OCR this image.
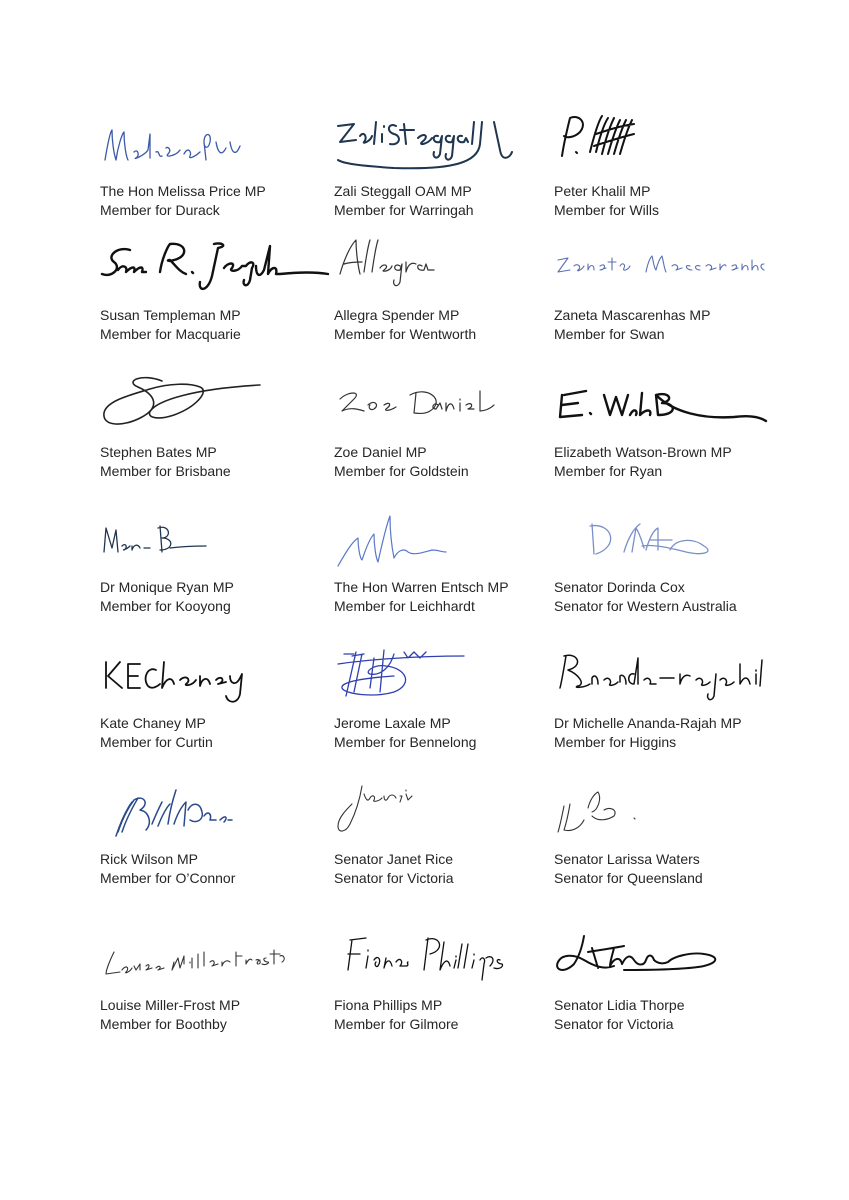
The Hon Melissa Price MP
Member for Durack
Zali Steggall OAM MP
Member for Warringah
Peter Khalil MP
Member for Wills
Susan Templeman MP
Member for Macquarie
Allegra Spender MP
Member for Wentworth
Zaneta Mascarenhas MP
Member for Swan
Stephen Bates MP
Member for Brisbane
Zoe Daniel MP
Member for Goldstein
Elizabeth Watson-Brown MP
Member for Ryan
Dr Monique Ryan MP
Member for Kooyong
The Hon Warren Entsch MP
Member for Leichhardt
Senator Dorinda Cox
Senator for Western Australia
Kate Chaney MP
Member for Curtin
Jerome Laxale MP
Member for Bennelong
Dr Michelle Ananda-Rajah MP
Member for Higgins
Rick Wilson MP
Member for O’Connor
Senator Janet Rice
Senator for Victoria
Senator Larissa Waters
Senator for Queensland
Louise Miller-Frost MP
Member for Boothby
Fiona Phillips MP
Member for Gilmore
Senator Lidia Thorpe
Senator for Victoria
